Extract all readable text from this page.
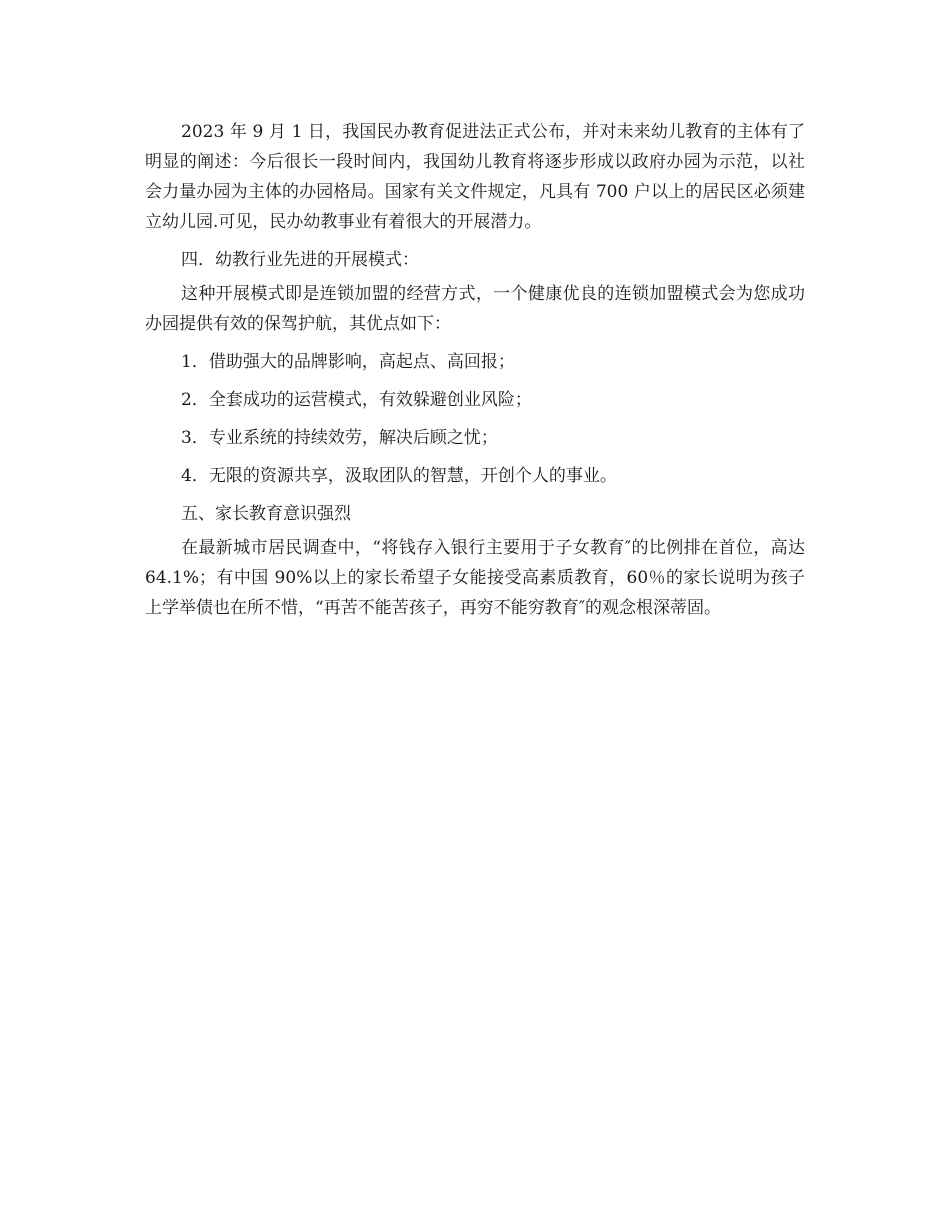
2023 年 9 月 1 日，我国民办教育促进法正式公布，并对未来幼儿教育的主体有了明显的阐述：今后很长一段时间内，我国幼儿教育将逐步形成以政府办园为示范，以社会力量办园为主体的办园格局。国家有关文件规定，凡具有 700 户以上的居民区必须建立幼儿园.可见，民办幼教事业有着很大的开展潜力。

四．幼教行业先进的开展模式：

这种开展模式即是连锁加盟的经营方式，一个健康优良的连锁加盟模式会为您成功办园提供有效的保驾护航，其优点如下：

1．借助强大的品牌影响，高起点、高回报；

2．全套成功的运营模式，有效躲避创业风险；

3．专业系统的持续效劳，解决后顾之忧；

4．无限的资源共享，汲取团队的智慧，开创个人的事业。

五、家长教育意识强烈

在最新城市居民调查中，“将钱存入银行主要用于子女教育″的比例排在首位，高达 64.1%；有中国 90%以上的家长希望子女能接受高素质教育，60％的家长说明为孩子上学举债也在所不惜，“再苦不能苦孩子，再穷不能穷教育″的观念根深蒂固。
